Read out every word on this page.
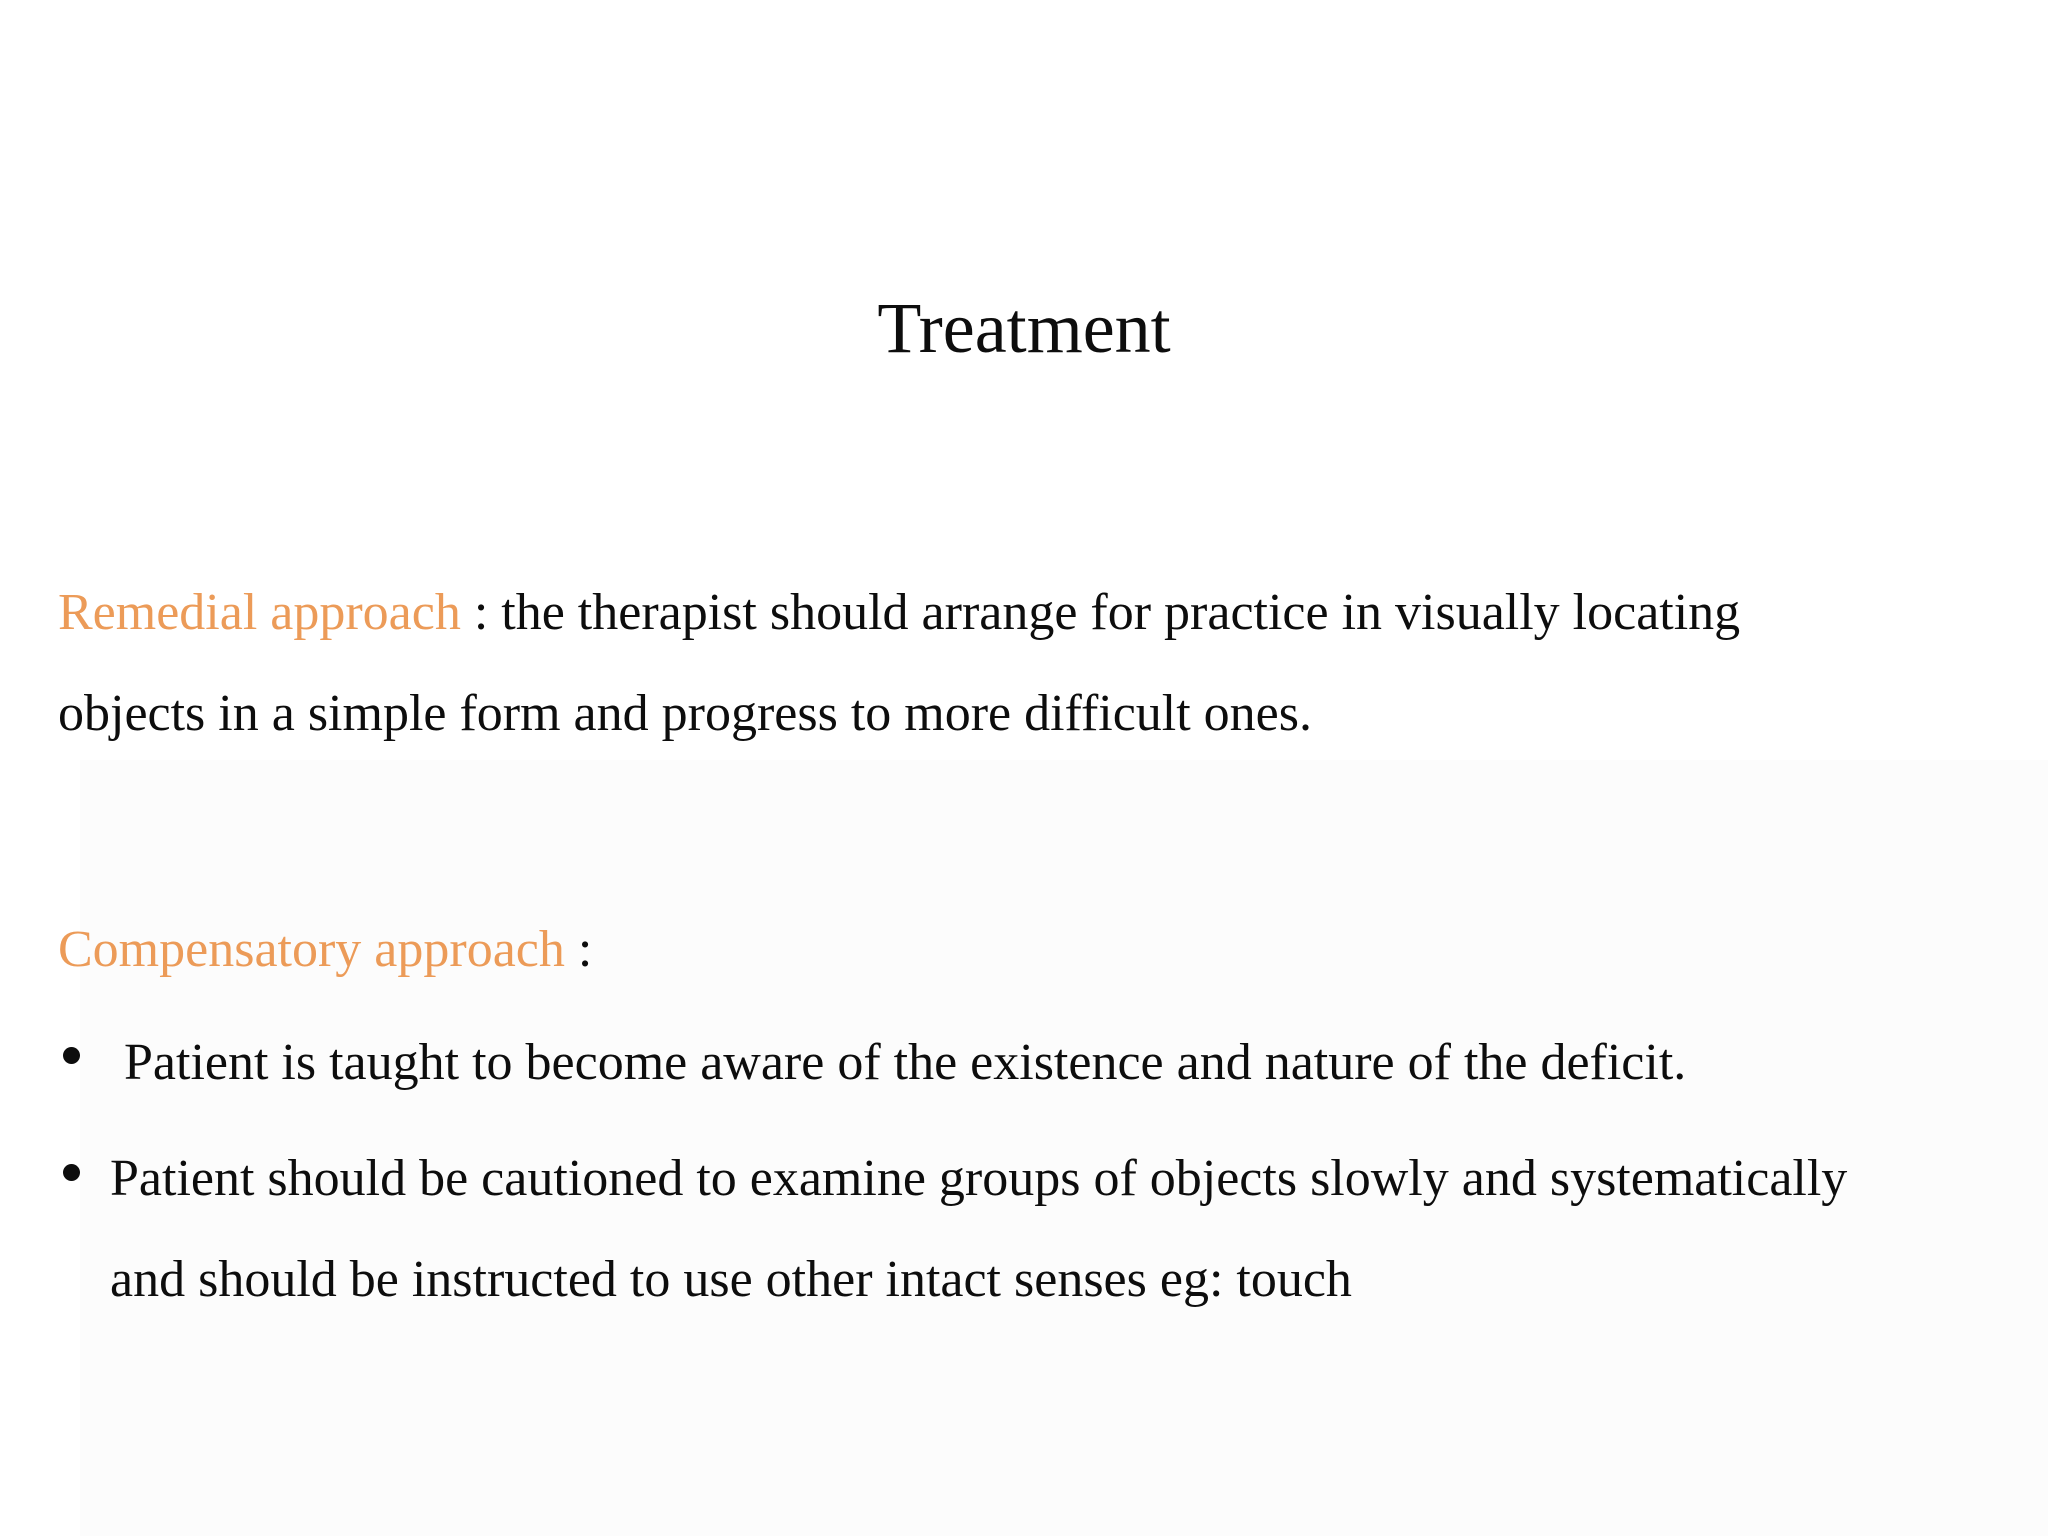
Treatment

Remedial approach : the therapist should arrange for practice in visually locating
objects in a simple form and progress to more difficult ones.

Compensatory approach :

Patient is taught to become aware of the existence and nature of the deficit.

Patient should be cautioned to examine groups of objects slowly and systematically
and should be instructed to use other intact senses eg: touch
